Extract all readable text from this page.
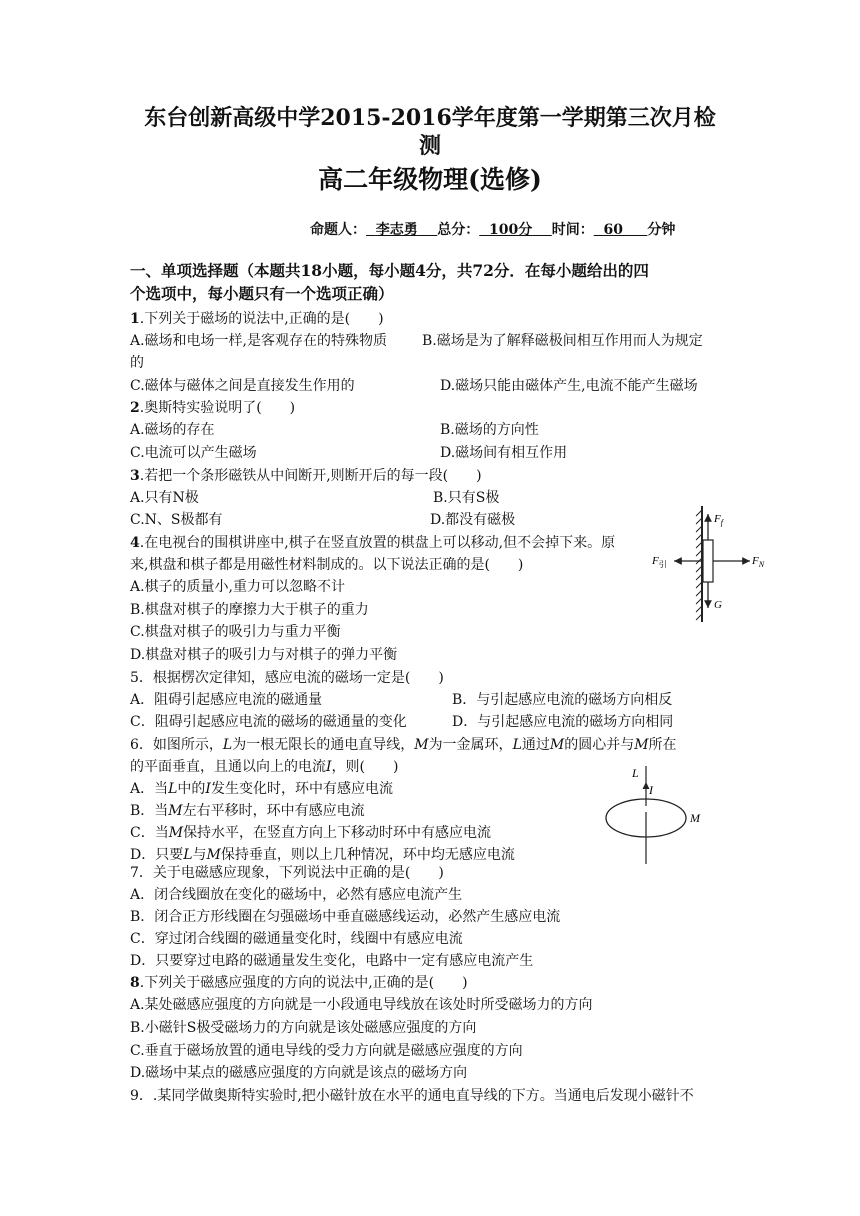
东台创新高级中学2015-2016学年度第一学期第三次月检
测
高二年级物理(选修)
命题人： 李志勇 总分： 100分 时间： 60 分钟
一、单项选择题（本题共18小题，每小题4分，共72分．在每小题给出的四
个选项中，每小题只有一个选项正确）
1.下列关于磁场的说法中,正确的是(　　)
A.磁场和电场一样,是客观存在的特殊物质 B.磁场是为了解释磁极间相互作用而人为规定
的
C.磁体与磁体之间是直接发生作用的	D.磁场只能由磁体产生,电流不能产生磁场
2.奥斯特实验说明了(　　)
A.磁场的存在	B.磁场的方向性
C.电流可以产生磁场	D.磁场间有相互作用
3.若把一个条形磁铁从中间断开,则断开后的每一段(　　)
A.只有N极	B.只有S极
C.N、S极都有	D.都没有磁极
4.在电视台的围棋讲座中,棋子在竖直放置的棋盘上可以移动,但不会掉下来。原
来,棋盘和棋子都是用磁性材料制成的。以下说法正确的是(　　)
A.棋子的质量小,重力可以忽略不计
B.棋盘对棋子的摩擦力大于棋子的重力
C.棋盘对棋子的吸引力与重力平衡
D.棋盘对棋子的吸引力与对棋子的弹力平衡
$F_f$
$F_引$	$F_N$
G
5．根据楞次定律知，感应电流的磁场一定是(　　)
A．阻碍引起感应电流的磁通量	B．与引起感应电流的磁场方向相反
C．阻碍引起感应电流的磁场的磁通量的变化	D．与引起感应电流的磁场方向相同
6．如图所示，L为一根无限长的通电直导线，M为一金属环，L通过M的圆心并与M所在
的平面垂直，且通以向上的电流I，则(　　)
A．当L中的I发生变化时，环中有感应电流
B．当M左右平移时，环中有感应电流
C．当M保持水平，在竖直方向上下移动时环中有感应电流
D．只要L与M保持垂直，则以上几种情况，环中均无感应电流
L
I
M
7．关于电磁感应现象，下列说法中正确的是(　　)
A．闭合线圈放在变化的磁场中，必然有感应电流产生
B．闭合正方形线圈在匀强磁场中垂直磁感线运动，必然产生感应电流
C．穿过闭合线圈的磁通量变化时，线圈中有感应电流
D．只要穿过电路的磁通量发生变化，电路中一定有感应电流产生
8.下列关于磁感应强度的方向的说法中,正确的是(　　)
A.某处磁感应强度的方向就是一小段通电导线放在该处时所受磁场力的方向
B.小磁针S极受磁场力的方向就是该处磁感应强度的方向
C.垂直于磁场放置的通电导线的受力方向就是磁感应强度的方向
D.磁场中某点的磁感应强度的方向就是该点的磁场方向
9．.某同学做奥斯特实验时,把小磁针放在水平的通电直导线的下方。当通电后发现小磁针不
